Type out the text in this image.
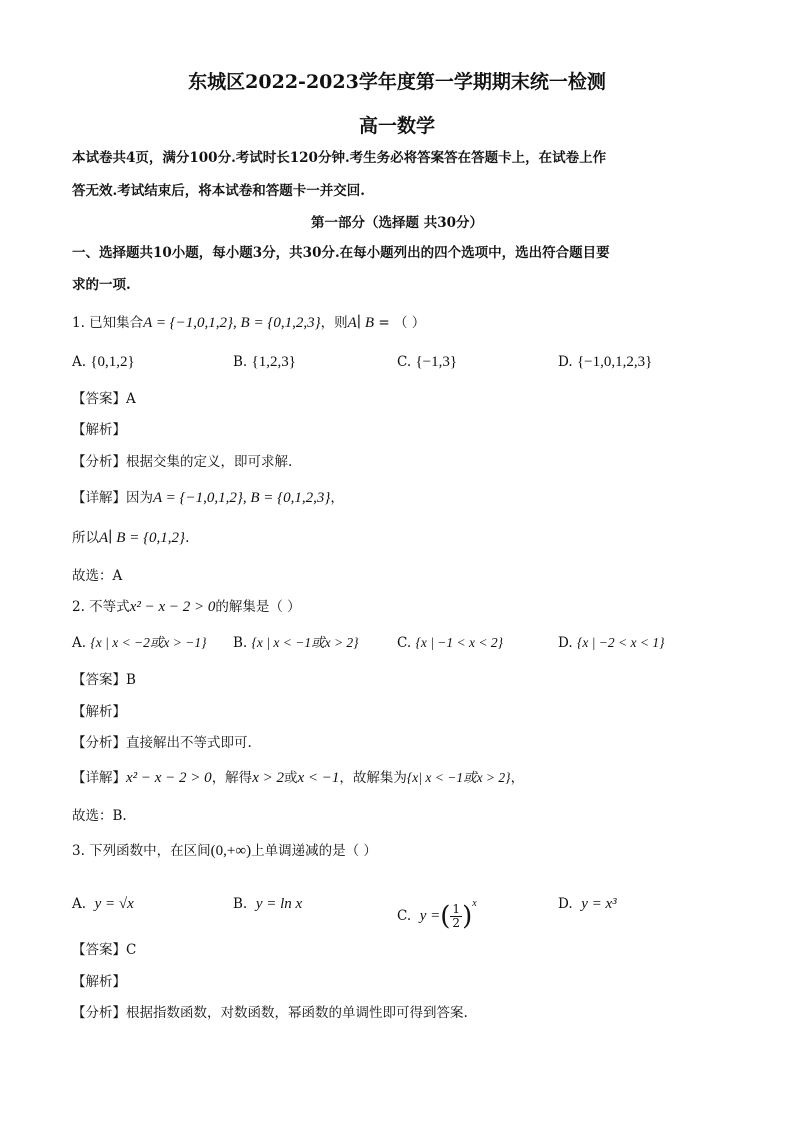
东城区2022-2023学年度第一学期期末统一检测
高一数学
本试卷共4页，满分100分.考试时长120分钟.考生务必将答案答在答题卡上，在试卷上作
答无效.考试结束后，将本试卷和答题卡一并交回.
第一部分（选择题 共30分）
一、选择题共10小题，每小题3分，共30分.在每小题列出的四个选项中，选出符合题目要
求的一项.
1. 已知集合A = {−1,0,1,2}, B = {0,1,2,3}，则A∣ B = （ ）
A. {0,1,2}	B. {1,2,3}	C. {−1,3}	D. {−1,0,1,2,3}
【答案】A
【解析】
【分析】根据交集的定义，即可求解.
【详解】因为A = {−1,0,1,2}, B = {0,1,2,3}，
所以A∣ B = {0,1,2}.
故选：A
2. 不等式x² − x − 2 > 0的解集是（ ）
A. {x | x < −2或x > −1} B. {x | x < −1或x > 2}	C. {x | −1 < x < 2}	D. {x | −2 < x < 1}
【答案】B
【解析】
【分析】直接解出不等式即可.
【详解】x² − x − 2 > 0，解得x > 2或x < −1，故解集为{x| x < −1或x > 2}，
故选：B.
3. 下列函数中，在区间(0,+∞)上单调递减的是（ ）
A. y = √x	B. y = ln x
C. y =( $\frac{1}{2} )^x$	D. y = x³
【答案】C
【解析】
【分析】根据指数函数，对数函数，幂函数的单调性即可得到答案.
